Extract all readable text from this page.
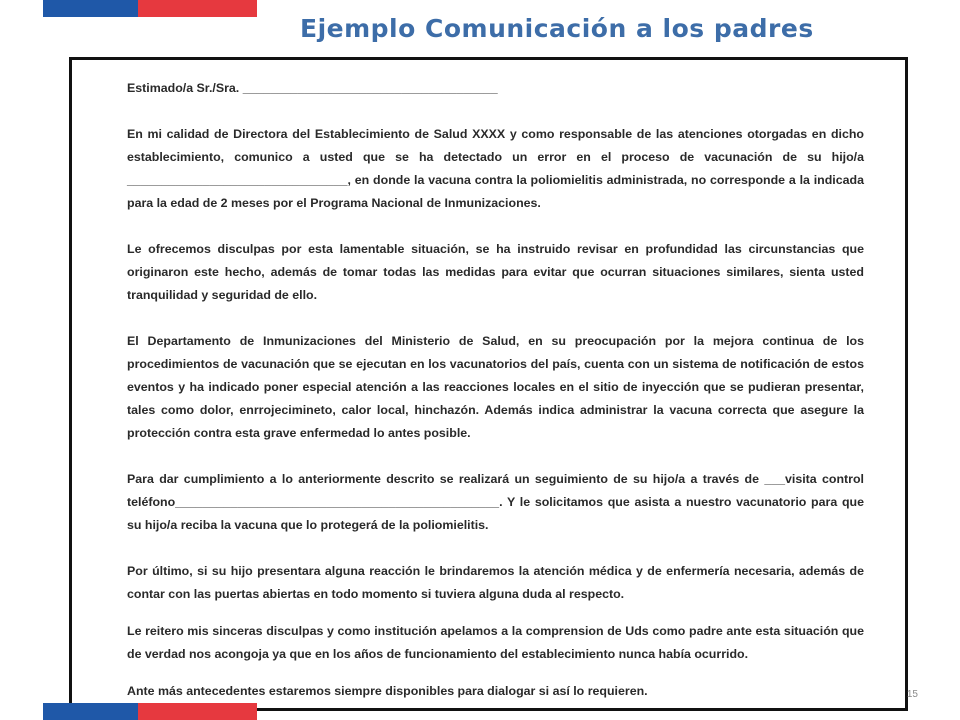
Ejemplo Comunicación a los padres

Estimado/a Sr./Sra. _____________________________________

En mi calidad de Directora del Establecimiento de Salud XXXX y como responsable de las atenciones otorgadas en dicho establecimiento, comunico a usted que se ha detectado un error en el proceso de vacunación de su hijo/a ________________________________, en donde la vacuna contra la poliomielitis administrada, no corresponde a la indicada para la edad de 2 meses por el Programa Nacional de Inmunizaciones.

Le ofrecemos disculpas por esta lamentable situación, se ha instruido revisar en profundidad las circunstancias que originaron este hecho, además de tomar todas las medidas para evitar que ocurran situaciones similares, sienta usted tranquilidad y seguridad de ello.

El Departamento de Inmunizaciones del Ministerio de Salud, en su preocupación por la mejora continua de los procedimientos de vacunación que se ejecutan en los vacunatorios del país, cuenta con un sistema de notificación de estos eventos y ha indicado poner especial atención a las reacciones locales en el sitio de inyección que se pudieran presentar, tales como dolor, enrrojecimineto, calor local, hinchazón. Además indica administrar la vacuna correcta que asegure la protección contra esta grave enfermedad lo antes posible.

Para dar cumplimiento a lo anteriormente descrito se realizará un seguimiento de su hijo/a a través de ___visita control teléfono_______________________________________________. Y le solicitamos que asista a nuestro vacunatorio para que su hijo/a reciba la vacuna que lo protegerá de la poliomielitis.

Por último, si su hijo presentara alguna reacción le brindaremos la atención médica y de enfermería necesaria, además de contar con las puertas abiertas en todo momento si tuviera alguna duda al respecto.

Le reitero mis sinceras disculpas y como institución apelamos a la comprension de Uds como padre ante esta situación que de verdad nos acongoja ya que en los años de funcionamiento del establecimiento nunca había ocurrido.

Ante más antecedentes estaremos siempre disponibles para dialogar si así lo requieren.	15
